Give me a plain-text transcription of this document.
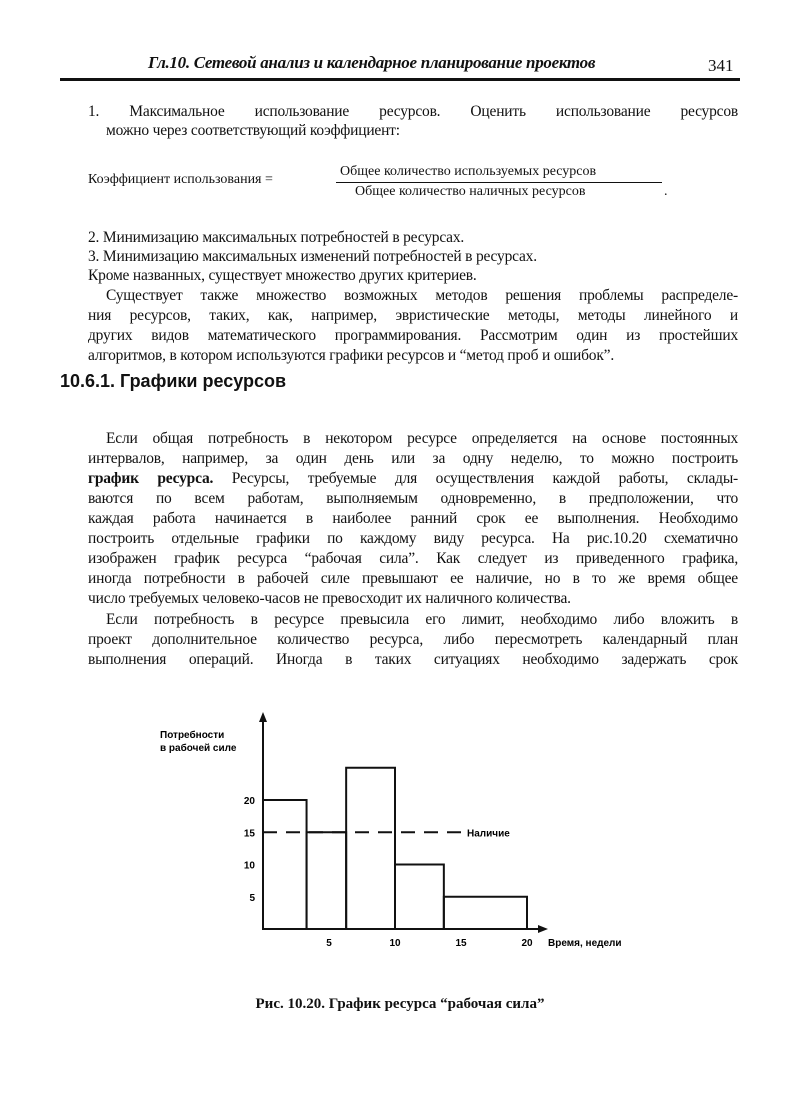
Гл.10. Сетевой анализ и календарное планирование проектов	341
1. Максимальное использование ресурсов. Оценить использование ресурсов
можно через соответствующий коэффициент:
Коэффициент использования =
Общее количество используемых ресурсов
Общее количество наличных ресурсов	.
2. Минимизацию максимальных потребностей в ресурсах.
3. Минимизацию максимальных изменений потребностей в ресурсах.
Кроме названных, существует множество других критериев.
Существует также множество возможных методов решения проблемы распределе-
ния ресурсов, таких, как, например, эвристические методы, методы линейного и
других видов математического программирования. Рассмотрим один из простейших
алгоритмов, в котором используются графики ресурсов и “метод проб и ошибок”.
Если общая потребность в некотором ресурсе определяется на основе постоянных
интервалов, например, за один день или за одну неделю, то можно построить
ваются по всем работам, выполняемым одновременно, в предположении, что
каждая работа начинается в наиболее ранний срок ее выполнения. Необходимо
построить отдельные графики по каждому виду ресурса. На рис.10.20 схематично
изображен график ресурса “рабочая сила”. Как следует из приведенного графика,
иногда потребности в рабочей силе превышают ее наличие, но в то же время общее
число требуемых человеко-часов не превосходит их наличного количества.
Если потребность в ресурсе превысила его лимит, необходимо либо вложить в
проект дополнительное количество ресурса, либо пересмотреть календарный план
выполнения операций. Иногда в таких ситуациях необходимо задержать срок
10.6.1. Графики ресурсов
график ресурса. Ресурсы, требуемые для осуществления каждой работы, склады-
Наличие
5
10
15
20
5	10	15	20
Потребности
в рабочей силе
Время, недели
Рис. 10.20. График ресурса “рабочая сила”
